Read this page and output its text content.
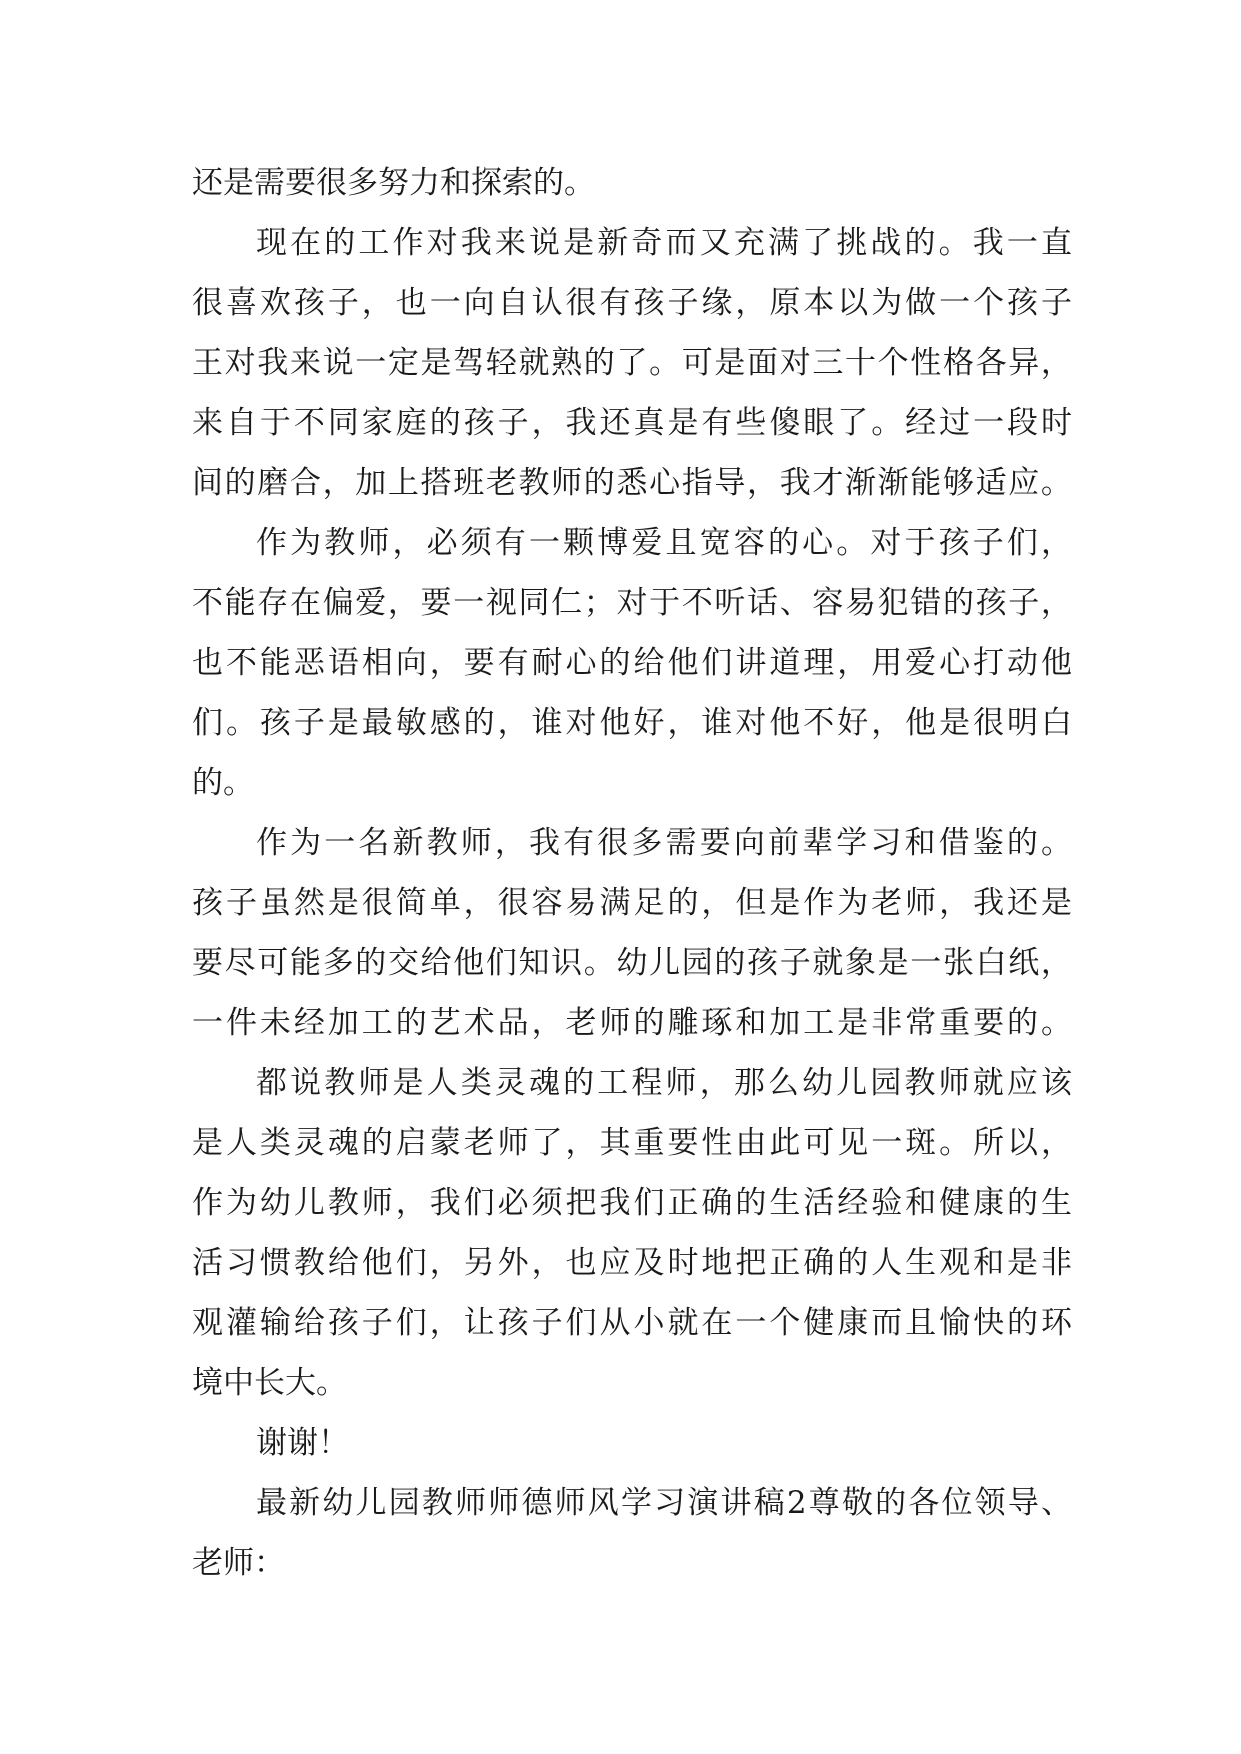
还是需要很多努力和探索的。

现在的工作对我来说是新奇而又充满了挑战的。我一直

很喜欢孩子，也一向自认很有孩子缘，原本以为做一个孩子

王对我来说一定是驾轻就熟的了。可是面对三十个性格各异，

来自于不同家庭的孩子，我还真是有些傻眼了。经过一段时

间的磨合，加上搭班老教师的悉心指导，我才渐渐能够适应。

作为教师，必须有一颗博爱且宽容的心。对于孩子们，

不能存在偏爱，要一视同仁；对于不听话、容易犯错的孩子，

也不能恶语相向，要有耐心的给他们讲道理，用爱心打动他

们。孩子是最敏感的，谁对他好，谁对他不好，他是很明白

的。

作为一名新教师，我有很多需要向前辈学习和借鉴的。

孩子虽然是很简单，很容易满足的，但是作为老师，我还是

要尽可能多的交给他们知识。幼儿园的孩子就象是一张白纸，

一件未经加工的艺术品，老师的雕琢和加工是非常重要的。

都说教师是人类灵魂的工程师，那么幼儿园教师就应该

是人类灵魂的启蒙老师了，其重要性由此可见一斑。所以，

作为幼儿教师，我们必须把我们正确的生活经验和健康的生

活习惯教给他们，另外，也应及时地把正确的人生观和是非

观灌输给孩子们，让孩子们从小就在一个健康而且愉快的环

境中长大。

谢谢！

最新幼儿园教师师德师风学习演讲稿2尊敬的各位领导、

老师：
